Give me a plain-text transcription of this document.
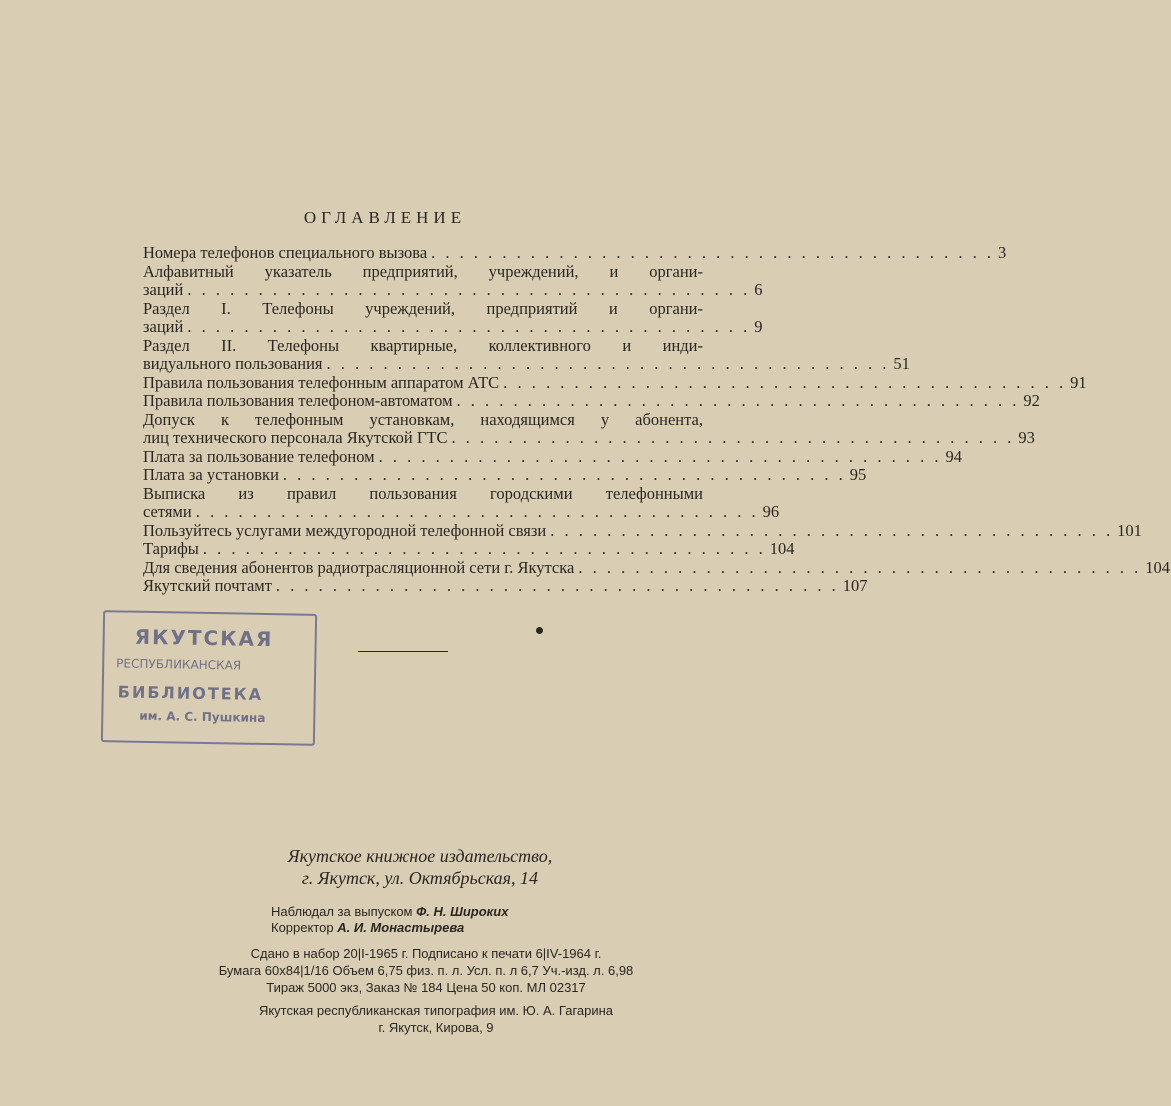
ОГЛАВЛЕНИЕ
Номера телефонов специального вызова . . . . . . . . . . . . . . . . . . . . . . . . . . . . . . . . . . . . . . . . 3
Алфавитный указатель предприятий, учреждений, и органи-
заций . . . . . . . . . . . . . . . . . . . . . . . . . . . . . . . . . . . . . . . . 6
Раздел I. Телефоны учреждений, предприятий и органи-
заций . . . . . . . . . . . . . . . . . . . . . . . . . . . . . . . . . . . . . . . . 9
Раздел II. Телефоны квартирные, коллективного и инди-
видуального пользования . . . . . . . . . . . . . . . . . . . . . . . . . . . . . . . . . . . . . . . . 51
Правила пользования телефонным аппаратом АТС . . . . . . . . . . . . . . . . . . . . . . . . . . . . . . . . . . . . . . . . 91
Правила пользования телефоном-автоматом . . . . . . . . . . . . . . . . . . . . . . . . . . . . . . . . . . . . . . . . 92
Допуск к телефонным установкам, находящимся у абонента,
лиц технического персонала Якутской ГТС . . . . . . . . . . . . . . . . . . . . . . . . . . . . . . . . . . . . . . . . 93
Плата за пользование телефоном . . . . . . . . . . . . . . . . . . . . . . . . . . . . . . . . . . . . . . . . 94
Плата за установки . . . . . . . . . . . . . . . . . . . . . . . . . . . . . . . . . . . . . . . . 95
Выписка из правил пользования городскими телефонными
сетями . . . . . . . . . . . . . . . . . . . . . . . . . . . . . . . . . . . . . . . . 96
Пользуйтесь услугами междугородной телефонной связи . . . . . . . . . . . . . . . . . . . . . . . . . . . . . . . . . . . . . . . . 101
Тарифы . . . . . . . . . . . . . . . . . . . . . . . . . . . . . . . . . . . . . . . . 104
Для сведения абонентов радиотрасляционной сети г. Якутска . . . . . . . . . . . . . . . . . . . . . . . . . . . . . . . . . . . . . . . . 104
Якутский почтамт . . . . . . . . . . . . . . . . . . . . . . . . . . . . . . . . . . . . . . . . 107
ЯКУТСКАЯ
РЕСПУБЛИКАНСКАЯ
БИБЛИОТЕКА
им. А. С. Пушкина
Якутское книжное издательство,
г. Якутск, ул. Октябрьская, 14
Наблюдал за выпуском Ф. Н. Широких
Корректор А. И. Монастырева
Сдано в набор 20|I-1965 г. Подписано к печати 6|IV-1964 г.
Бумага 60x84|1/16 Объем 6,75 физ. п. л. Усл. п. л 6,7 Уч.-изд. л. 6,98
Тираж 5000 экз, Заказ № 184 Цена 50 коп. МЛ 02317
Якутская республиканская типография им. Ю. А. Гагарина
г. Якутск, Кирова, 9
